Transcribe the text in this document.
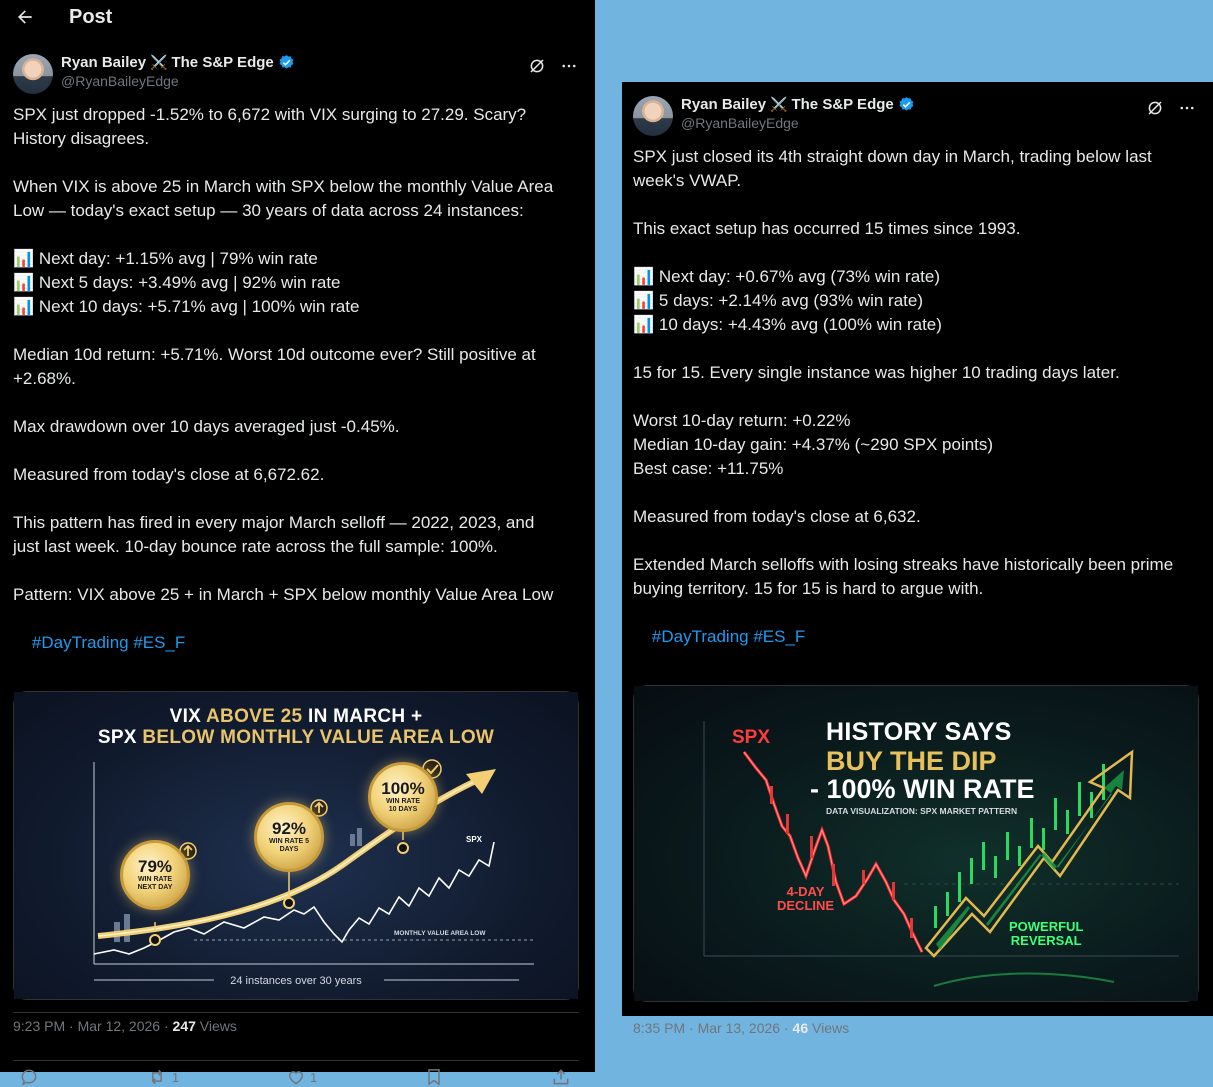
Post
Ryan Bailey ⚔️ The S&P Edge
@RyanBaileyEdge
SPX just dropped -1.52% to 6,672 with VIX surging to 27.29. Scary?
History disagrees.
When VIX is above 25 in March with SPX below the monthly Value Area
Low — today's exact setup — 30 years of data across 24 instances:
📊 Next day: +1.15% avg | 79% win rate
📊 Next 5 days: +3.49% avg | 92% win rate
📊 Next 10 days: +5.71% avg | 100% win rate
Median 10d return: +5.71%. Worst 10d outcome ever? Still positive at
+2.68%.
Max drawdown over 10 days averaged just -0.45%.
Measured from today's close at 6,672.62.
This pattern has fired in every major March selloff — 2022, 2023, and
just last week. 10-day bounce rate across the full sample: 100%.
Pattern: VIX above 25 + in March + SPX below monthly Value Area Low

#DayTrading #ES_F

VIX ABOVE 25 IN MARCH +
SPX BELOW MONTHLY VALUE AREA LOW
79%
WIN RATE NEXT DAY
92%
WIN RATE 5 DAYS
100%
WIN RATE 10 DAYS
SPX
MONTHLY VALUE AREA LOW
24 instances over 30 years
9:23 PM · Mar 12, 2026 · 247 Views
1	1
Ryan Bailey ⚔️ The S&P Edge
@RyanBaileyEdge
SPX just closed its 4th straight down day in March, trading below last
week's VWAP.
This exact setup has occurred 15 times since 1993.
📊 Next day: +0.67% avg (73% win rate)
📊 5 days: +2.14% avg (93% win rate)
📊 10 days: +4.43% avg (100% win rate)
15 for 15. Every single instance was higher 10 trading days later.
Worst 10-day return: +0.22%
Median 10-day gain: +4.37% (~290 SPX points)
Best case: +11.75%
Measured from today's close at 6,632.
Extended March selloffs with losing streaks have historically been prime
buying territory. 15 for 15 is hard to argue with.

#DayTrading #ES_F

SPX HISTORY SAYS
BUY THE DIP
- 100% WIN RATE
DATA VISUALIZATION: SPX MARKET PATTERN
4-DAY
DECLINE
POWERFUL
REVERSAL
8:35 PM · Mar 13, 2026 · 46 Views
